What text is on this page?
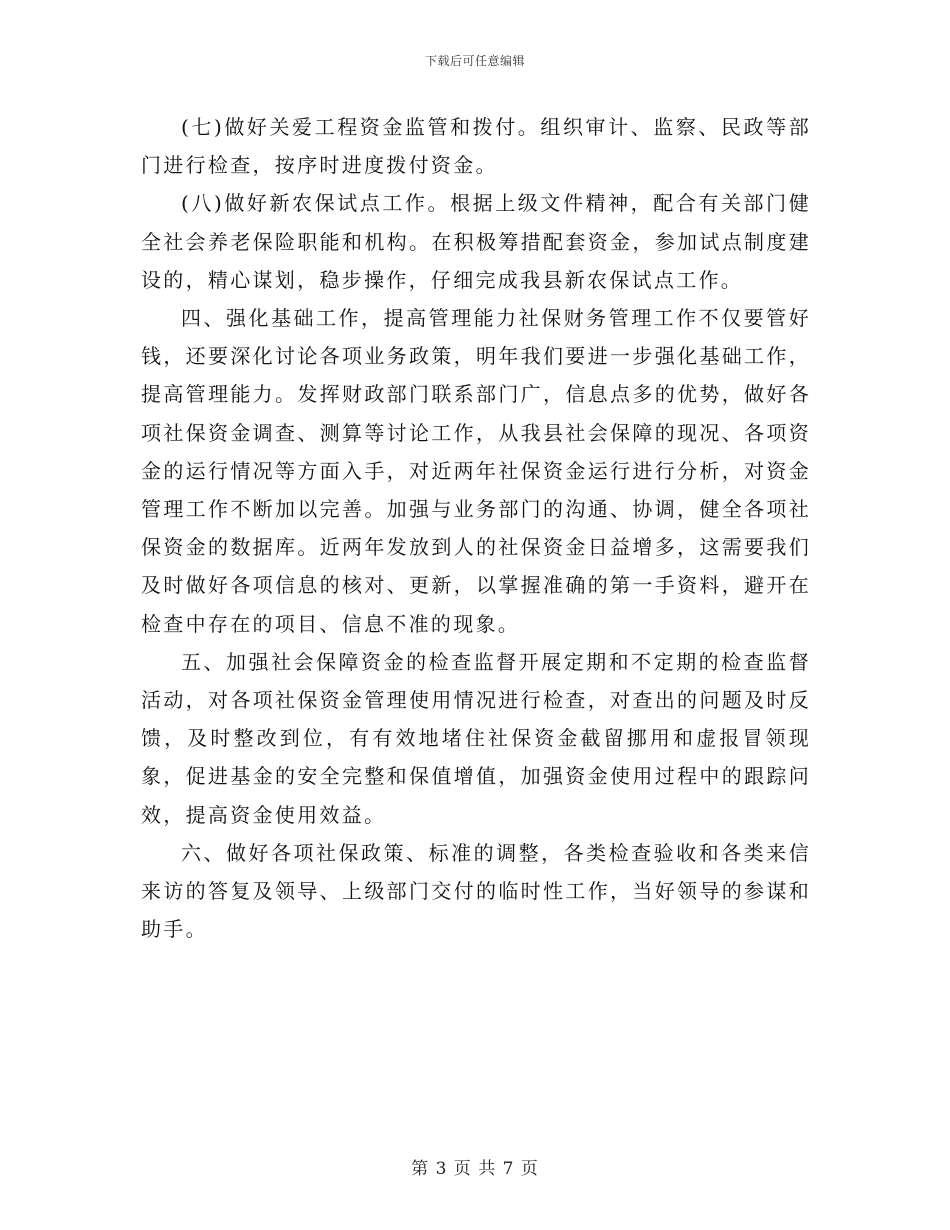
下载后可任意编辑

(七)做好关爱工程资金监管和拨付。组织审计、监察、民政等部门进行检查，按序时进度拨付资金。

(八)做好新农保试点工作。根据上级文件精神，配合有关部门健全社会养老保险职能和机构。在积极筹措配套资金，参加试点制度建设的，精心谋划，稳步操作，仔细完成我县新农保试点工作。

四、强化基础工作，提高管理能力社保财务管理工作不仅要管好钱，还要深化讨论各项业务政策，明年我们要进一步强化基础工作，提高管理能力。发挥财政部门联系部门广，信息点多的优势，做好各项社保资金调查、测算等讨论工作，从我县社会保障的现况、各项资金的运行情况等方面入手，对近两年社保资金运行进行分析，对资金管理工作不断加以完善。加强与业务部门的沟通、协调，健全各项社保资金的数据库。近两年发放到人的社保资金日益增多，这需要我们及时做好各项信息的核对、更新，以掌握准确的第一手资料，避开在检查中存在的项目、信息不准的现象。

五、加强社会保障资金的检查监督开展定期和不定期的检查监督活动，对各项社保资金管理使用情况进行检查，对查出的问题及时反馈，及时整改到位，有有效地堵住社保资金截留挪用和虚报冒领现象，促进基金的安全完整和保值增值，加强资金使用过程中的跟踪问效，提高资金使用效益。

六、做好各项社保政策、标准的调整，各类检查验收和各类来信来访的答复及领导、上级部门交付的临时性工作，当好领导的参谋和助手。

第 3 页 共 7 页
